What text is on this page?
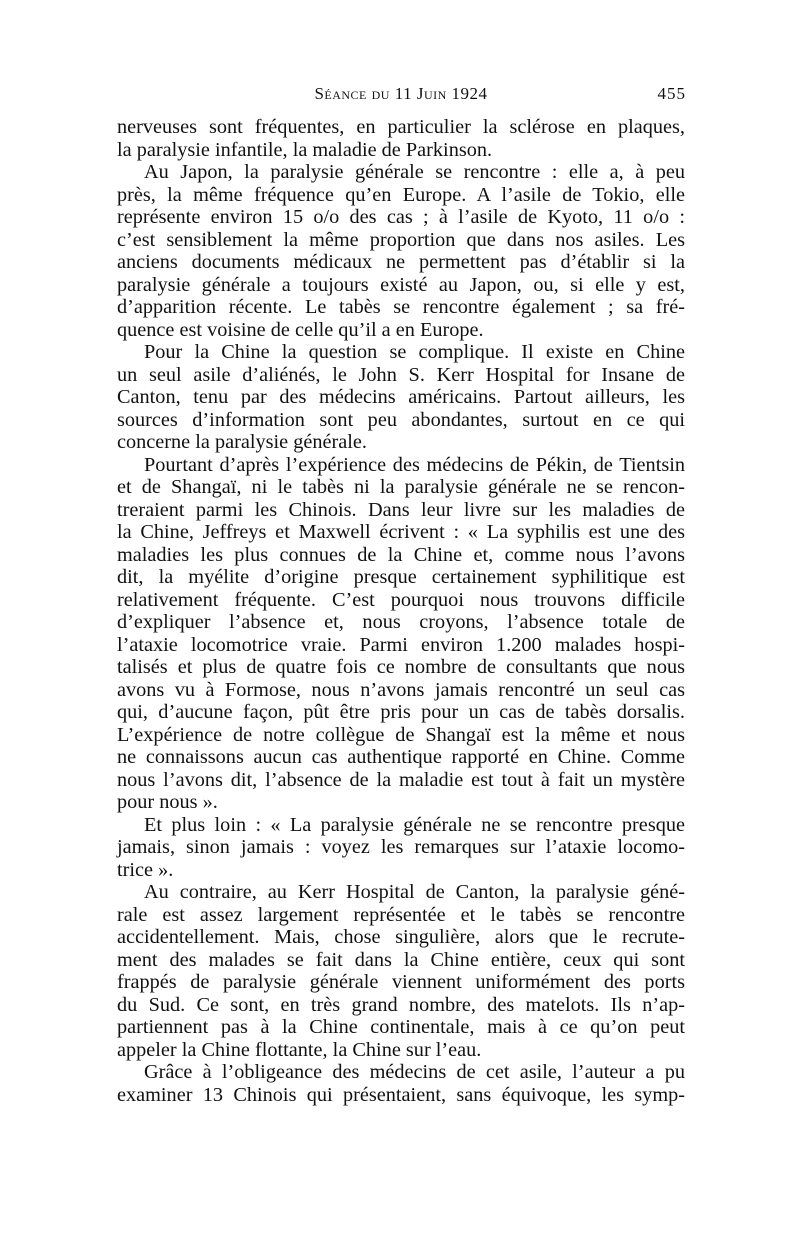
Séance du 11 Juin 1924	455
nerveuses sont fréquentes, en particulier la sclérose en plaques,
la paralysie infantile, la maladie de Parkinson.
Au Japon, la paralysie générale se rencontre : elle a, à peu
près, la même fréquence qu’en Europe. A l’asile de Tokio, elle
représente environ 15 o/o des cas ; à l’asile de Kyoto, 11 o/o :
c’est sensiblement la même proportion que dans nos asiles. Les
anciens documents médicaux ne permettent pas d’établir si la
paralysie générale a toujours existé au Japon, ou, si elle y est,
d’apparition récente. Le tabès se rencontre également ; sa fré-
quence est voisine de celle qu’il a en Europe.
Pour la Chine la question se complique. Il existe en Chine
un seul asile d’aliénés, le John S. Kerr Hospital for Insane de
Canton, tenu par des médecins américains. Partout ailleurs, les
sources d’information sont peu abondantes, surtout en ce qui
concerne la paralysie générale.
Pourtant d’après l’expérience des médecins de Pékin, de Tientsin
et de Shangaï, ni le tabès ni la paralysie générale ne se rencon-
treraient parmi les Chinois. Dans leur livre sur les maladies de
la Chine, Jeffreys et Maxwell écrivent : « La syphilis est une des
maladies les plus connues de la Chine et, comme nous l’avons
dit, la myélite d’origine presque certainement syphilitique est
relativement fréquente. C’est pourquoi nous trouvons difficile
d’expliquer l’absence et, nous croyons, l’absence totale de
l’ataxie locomotrice vraie. Parmi environ 1.200 malades hospi-
talisés et plus de quatre fois ce nombre de consultants que nous
avons vu à Formose, nous n’avons jamais rencontré un seul cas
qui, d’aucune façon, pût être pris pour un cas de tabès dorsalis.
L’expérience de notre collègue de Shangaï est la même et nous
ne connaissons aucun cas authentique rapporté en Chine. Comme
nous l’avons dit, l’absence de la maladie est tout à fait un mystère
pour nous ».
Et plus loin : « La paralysie générale ne se rencontre presque
jamais, sinon jamais : voyez les remarques sur l’ataxie locomo-
trice ».
Au contraire, au Kerr Hospital de Canton, la paralysie géné-
rale est assez largement représentée et le tabès se rencontre
accidentellement. Mais, chose singulière, alors que le recrute-
ment des malades se fait dans la Chine entière, ceux qui sont
frappés de paralysie générale viennent uniformément des ports
du Sud. Ce sont, en très grand nombre, des matelots. Ils n’ap-
partiennent pas à la Chine continentale, mais à ce qu’on peut
appeler la Chine flottante, la Chine sur l’eau.
Grâce à l’obligeance des médecins de cet asile, l’auteur a pu
examiner 13 Chinois qui présentaient, sans équivoque, les symp-
